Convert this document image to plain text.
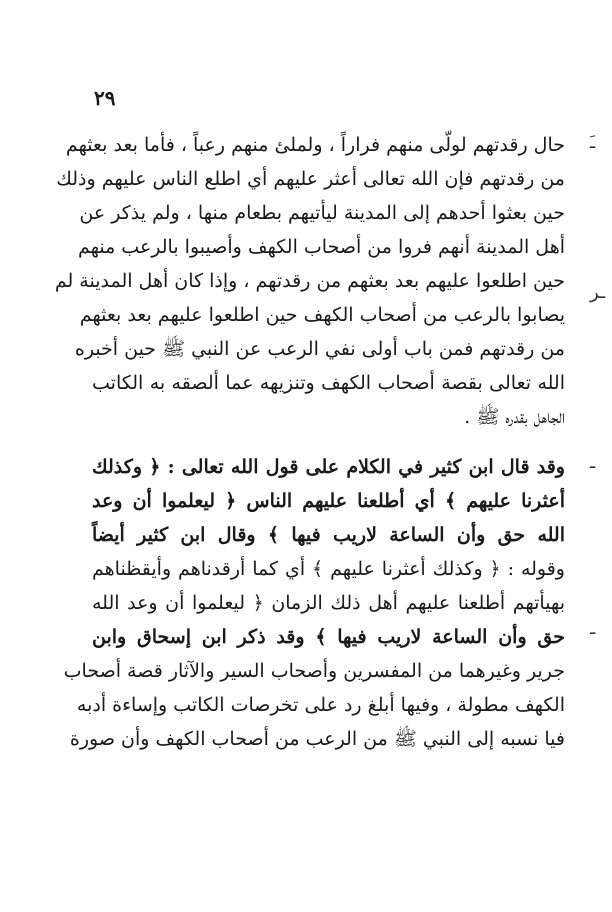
٢٩
حال رقدتهم لولّى منهم فراراً ، ولملئ منهم رعباً ، فأما بعد بعثهم
من رقدتهم فإن الله تعالى أعثر عليهم أي اطلع الناس عليهم وذلك
حين بعثوا أحدهم إلى المدينة ليأتيهم بطعام منها ، ولم يذكر عن
أهل المدينة أنهم فروا من أصحاب الكهف وأصيبوا بالرعب منهم
حين اطلعوا عليهم بعد بعثهم من رقدتهم ، وإذا كان أهل المدينة لم
يصابوا بالرعب من أصحاب الكهف حين اطلعوا عليهم بعد بعثهم
من رقدتهم فمن باب أولى نفي الرعب عن النبي ﷺ حين أخبره
الله تعالى بقصة أصحاب الكهف وتنزيهه عما ألصقه به الكاتب
الجاهل بقدره ﷺ .
وقد قال ابن كثير في الكلام على قول الله تعالى : ﴿ وكذلك
أعثرنا عليهم ﴾ أي أطلعنا عليهم الناس ﴿ ليعلموا أن وعد
الله حق وأن الساعة لاريب فيها ﴾ وقال ابن كثير أيضاً
وقوله : ﴿ وكذلك أعثرنا عليهم ﴾ أي كما أرقدناهم وأيقظناهم
بهيأتهم أطلعنا عليهم أهل ذلك الزمان ﴿ ليعلموا أن وعد الله
حق وأن الساعة لاريب فيها ﴾ وقد ذكر ابن إسحاق وابن
جرير وغيرهما من المفسرين وأصحاب السير والآثار قصة أصحاب
الكهف مطولة ، وفيها أبلغ رد على تخرصات الكاتب وإساءة أدبه
فيا نسبه إلى النبي ﷺ من الرعب من أصحاب الكهف وأن صورة
ـَ
ـر
ـ
ـ
